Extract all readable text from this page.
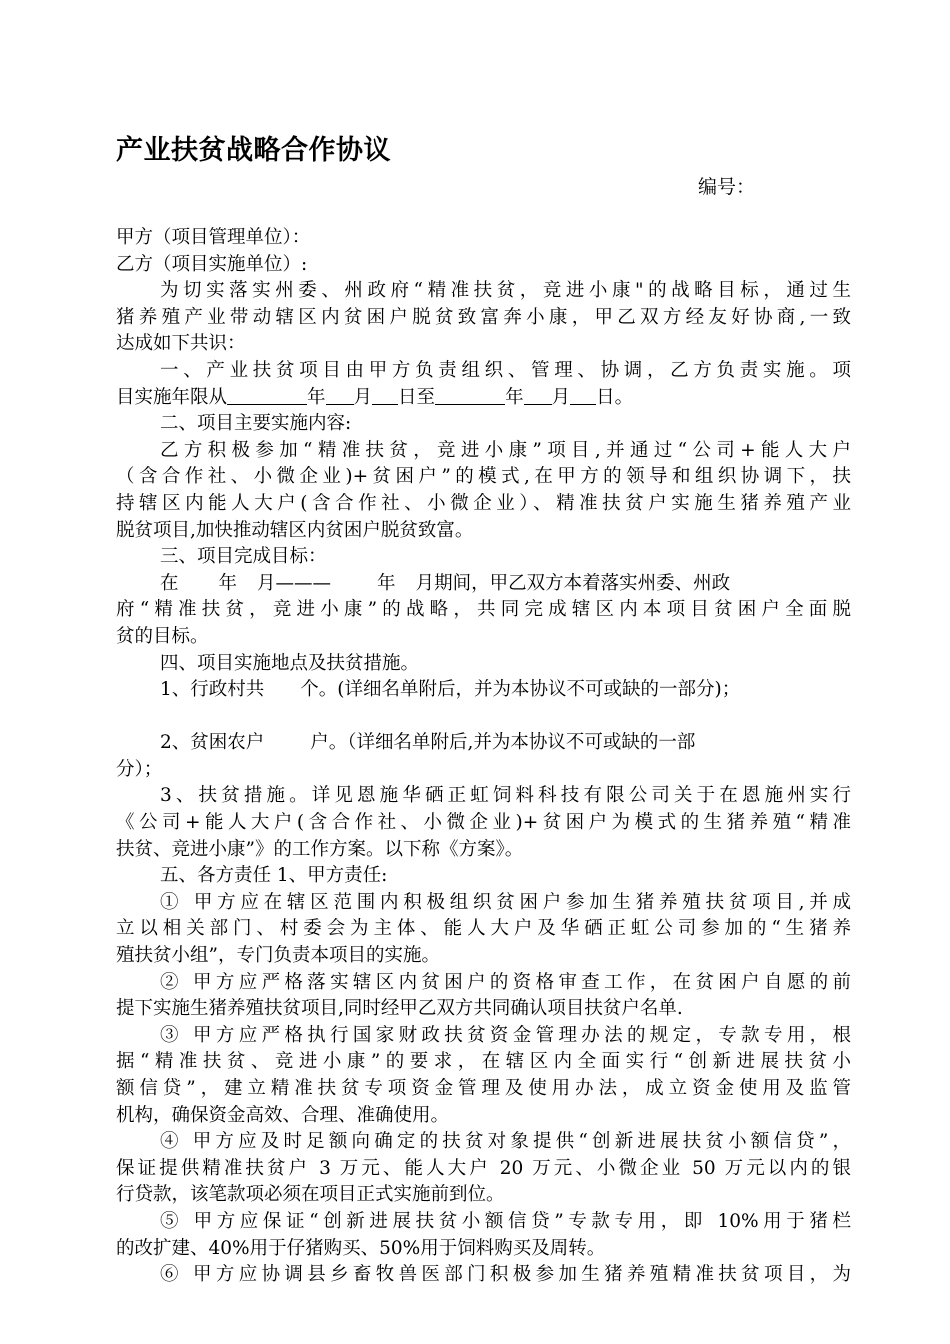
产业扶贫战略合作协议
编号：
甲方（项目管理单位）：
乙方（项目实施单位）:
为切实落实州委、州政府“精准扶贫，竞进小康"的战略目标，通过生
猪养殖产业带动辖区内贫困户脱贫致富奔小康，甲乙双方经友好协商,一致
达成如下共识：
一、产业扶贫项目由甲方负责组织、管理、协调，乙方负责实施。项
目实施年限从	年 月 日至	年 月 日。
二、项目主要实施内容:
乙方积极参加“精准扶贫，竞进小康”项目,并通过“公司+能人大户
（含合作社、小微企业)+贫困户”的模式,在甲方的领导和组织协调下，扶
持辖区内能人大户(含合作社、小微企业）、精准扶贫户实施生猪养殖产业
脱贫项目,加快推动辖区内贫困户脱贫致富。
三、项目完成目标：
在 年 月——— 年 月期间，甲乙双方本着落实州委、州政
府“精准扶贫，竞进小康”的战略，共同完成辖区内本项目贫困户全面脱
贫的目标。
四、项目实施地点及扶贫措施。
1、行政村共 个。(详细名单附后，并为本协议不可或缺的一部分)；
2、贫困农户 户。（详细名单附后,并为本协议不可或缺的一部
分）；
3、扶贫措施。详见恩施华硒正虹饲料科技有限公司关于在恩施州实行
《公司+能人大户(含合作社、小微企业)+贫困户为模式的生猪养殖“精准
扶贫、竞进小康”》的工作方案。以下称《方案》。
五、各方责任 1、甲方责任:
① 甲方应在辖区范围内积极组织贫困户参加生猪养殖扶贫项目,并成
立以相关部门、村委会为主体、能人大户及华硒正虹公司参加的“生猪养
殖扶贫小组”，专门负责本项目的实施。
② 甲方应严格落实辖区内贫困户的资格审查工作，在贫困户自愿的前
提下实施生猪养殖扶贫项目,同时经甲乙双方共同确认项目扶贫户名单.
③ 甲方应严格执行国家财政扶贫资金管理办法的规定，专款专用，根
据“精准扶贫、竞进小康”的要求，在辖区内全面实行“创新进展扶贫小
额信贷”，建立精准扶贫专项资金管理及使用办法，成立资金使用及监管
机构，确保资金高效、合理、准确使用。
④ 甲方应及时足额向确定的扶贫对象提供“创新进展扶贫小额信贷”，
保证提供精准扶贫户 3 万元、能人大户 20 万元、小微企业 50 万元以内的银
行贷款，该笔款项必须在项目正式实施前到位。
⑤ 甲方应保证“创新进展扶贫小额信贷”专款专用，即 10%用于猪栏
的改扩建、40%用于仔猪购买、50%用于饲料购买及周转。
⑥ 甲方应协调县乡畜牧兽医部门积极参加生猪养殖精准扶贫项目，为
